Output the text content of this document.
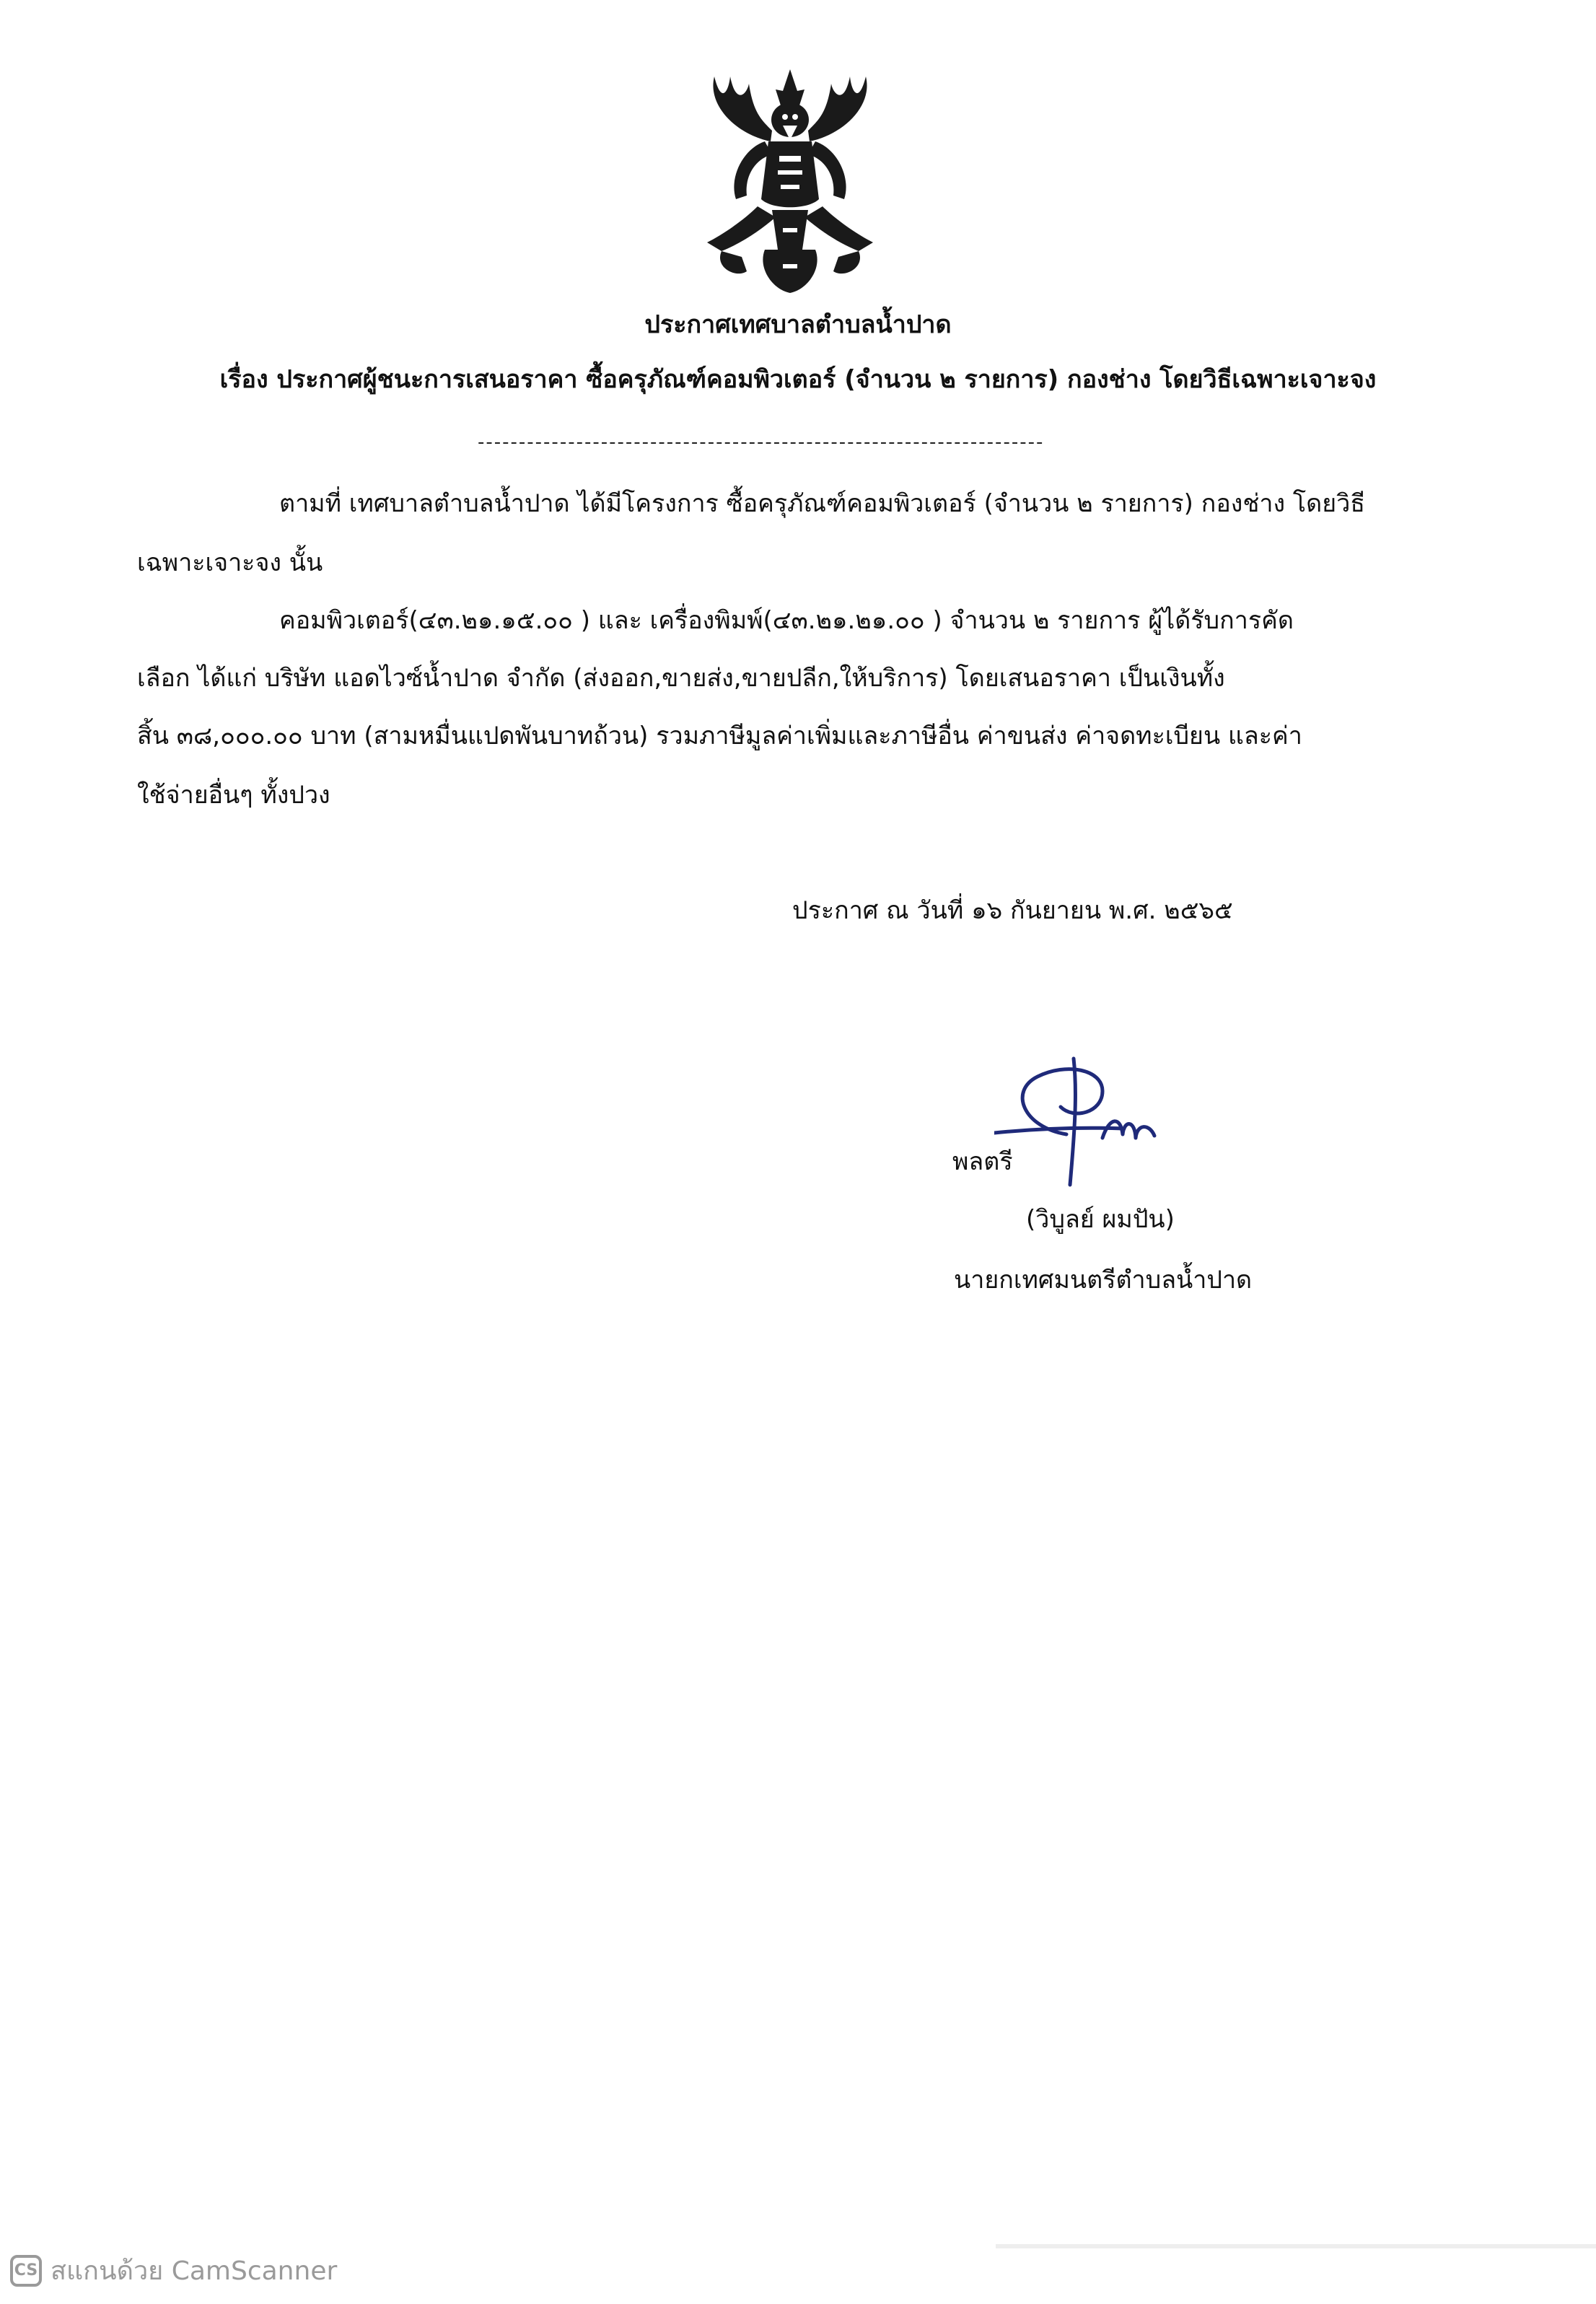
ประกาศเทศบาลตำบลน้ำปาด
เรื่อง ประกาศผู้ชนะการเสนอราคา ซื้อครุภัณฑ์คอมพิวเตอร์ (จำนวน ๒ รายการ) กองช่าง โดยวิธีเฉพาะเจาะจง
---------------------------------------------------------------------
ตามที่ เทศบาลตำบลน้ำปาด ได้มีโครงการ ซื้อครุภัณฑ์คอมพิวเตอร์ (จำนวน ๒ รายการ) กองช่าง โดยวิธี
เฉพาะเจาะจง นั้น
คอมพิวเตอร์(๔๓.๒๑.๑๕.๐๐ ) และ เครื่องพิมพ์(๔๓.๒๑.๒๑.๐๐ ) จำนวน ๒ รายการ ผู้ได้รับการคัด
เลือก ได้แก่ บริษัท แอดไวซ์น้ำปาด จำกัด (ส่งออก,ขายส่ง,ขายปลีก,ให้บริการ) โดยเสนอราคา เป็นเงินทั้ง
สิ้น ๓๘,๐๐๐.๐๐ บาท (สามหมื่นแปดพันบาทถ้วน) รวมภาษีมูลค่าเพิ่มและภาษีอื่น ค่าขนส่ง ค่าจดทะเบียน และค่า
ใช้จ่ายอื่นๆ ทั้งปวง
ประกาศ ณ วันที่ ๑๖ กันยายน พ.ศ. ๒๕๖๕
พลตรี
(วิบูลย์ ผมปัน)
นายกเทศมนตรีตำบลน้ำปาด
CS สแกนด้วย CamScanner
